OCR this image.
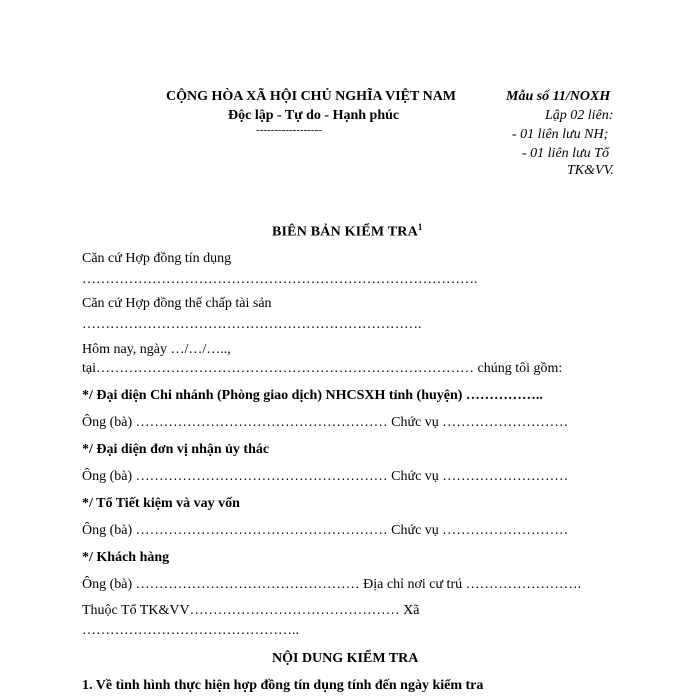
CỘNG HÒA XÃ HỘI CHỦ NGHĨA VIỆT NAM
Độc lập - Tự do - Hạnh phúc
------------------
Mẫu số 11/NOXH
Lập 02 liên:
- 01 liên lưu NH;
- 01 liên lưu Tổ
TK&VV.
BIÊN BẢN KIỂM TRA$^1$
Căn cứ Hợp đồng tín dụng
………………………………………………………………………….
Căn cứ Hợp đồng thế chấp tài sản
……………………………………………………………….
Hôm nay, ngày …/…/…..,
tại……………………………………………………………………… chúng tôi gồm:
*/ Đại diện Chi nhánh (Phòng giao dịch) NHCSXH tỉnh (huyện) ……………..
Ông (bà) ……………………………………………… Chức vụ ………………………
*/ Đại diện đơn vị nhận ủy thác
Ông (bà) ……………………………………………… Chức vụ ………………………
*/ Tổ Tiết kiệm và vay vốn
Ông (bà) ……………………………………………… Chức vụ ………………………
*/ Khách hàng
Ông (bà) ………………………………………… Địa chỉ nơi cư trú …………………….
Thuộc Tổ TK&VV……………………………………… Xã
………………………………………..
NỘI DUNG KIỂM TRA
1. Về tình hình thực hiện hợp đồng tín dụng tính đến ngày kiểm tra
